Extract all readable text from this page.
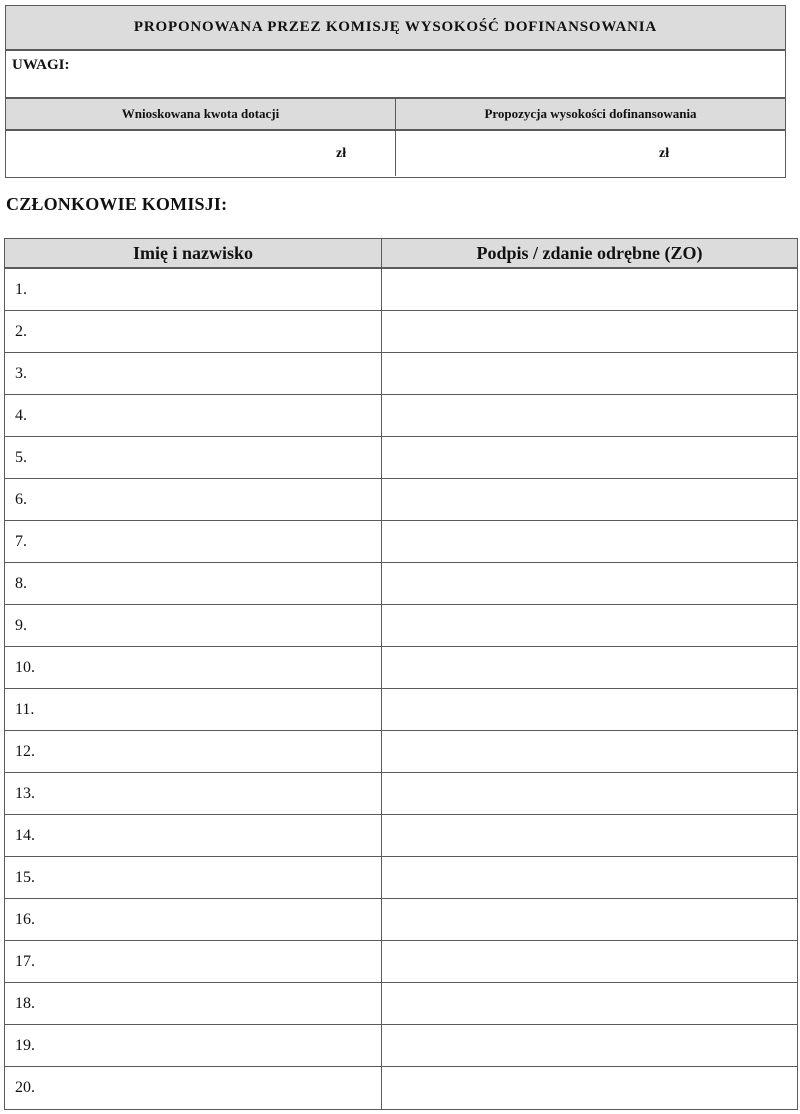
PROPONOWANA PRZEZ KOMISJĘ WYSOKOŚĆ DOFINANSOWANIA
UWAGI:
Wnioskowana kwota dotacji	Propozycja wysokości dofinansowania
zł	zł
CZŁONKOWIE KOMISJI:
Imię i nazwisko	Podpis / zdanie odrębne (ZO)
1.
2.
3.
4.
5.
6.
7.
8.
9.
10.
11.
12.
13.
14.
15.
16.
17.
18.
19.
20.
